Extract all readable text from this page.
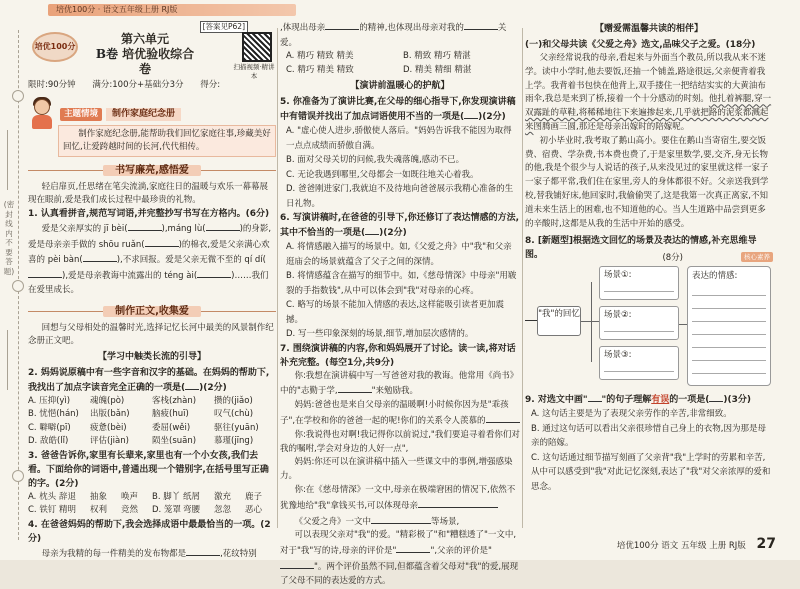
培优100分 · 语文五年级上册 RJ版
(密封线内不要答题)
[答案见P62]
培优100分
第六单元
B卷 培优验收综合卷	扫描视频·精讲本
限时:90分钟 满分:100分+基础分3分 得分:
主题情境	制作家庭纪念册
制作家庭纪念册,能帮助我们回忆家庭往事,珍藏美好回忆,让爱跨越时间的长河,代代相传。
书写廉亮,感悟爱
轻启扉页,任思绪在笔尖流淌,家庭往日的温暖与欢乐一幕幕展现在眼前,爱是我们成长过程中最珍贵的礼物。
1. 认真看拼音,规范写词语,并完整抄写书写在方格内。(6分)
爱是父亲厚实的 jī bèi(	),máng lù(	)的身影,爱是母亲亲手做的 shōu ruǎn(	)的棉衣,爱是父亲满心欢喜的 pèi bàn(	),不求回报。爱是父亲无微不至的 qí dí(),爱是母亲教诲中流露出的 téng ài(	)……我们在爱里成长。
制作正文,收集爱
回想与父母相处的温馨时光,选择记忆长河中最美的风景制作纪念册正文吧。
【学习中触类长流的引导】
2. 妈妈说原稿中有一些字音和汉字的基础。在妈妈的帮助下,我找出了加点字读音完全正确的一项是( )(2分)
A. 压抑(yì)	魂魄(pò)	客栈(zhàn)	攒的(jiǎo)
B. 忧悒(hán)	出版(bǎn)	脑疲(huī)	叹气(chù)
C. 噼噼(pī)	疲惫(bèi)	委屈(wěi)	驱往(yuān)
D. 敌皓(lǐ)	评估(jiàn)	陨坐(suān)	慕瑾(jīnɡ)
3. 爸爸告诉你,家里有长辈来,家里也有一个小女孩,我们去看。下面给你的词语中,普通出现一个错别字,在括号里写正确的字。(2分)
A. 枕头 辞退	抽象	唤声	B. 脚丫 纸屑	激充	鹿子
C. 铁钉 精明	权利	竞然	D. 笼罩 弯腰	忽忽	恶心
4. 在爸爸妈妈的帮助下,我会选择成语中最最恰当的一项。(2分)
母亲为我精的每一件精美的发布物都是	,花纹特别
,体现出母亲	的精神,也体现出母亲对我的	关爱。
A. 精巧 精致 精美	B. 精致 精巧 精湛
C. 精巧 精美 精致	D. 精美 精细 精湛
【演讲前温暖心的护航】
5. 你准备为了演讲比赛,在父母的细心指导下,你发现演讲稿中有错误并找出了加点词语使用不当的一项是( )(2分)
A. "虚心使人进步,骄傲使人落后。"妈妈告诉我不能因为取得一点点成绩而骄傲自满。
B. 面对父母关切的问候,我失魂落魄,感动不已。
C. 无论我遇到哪里,父母都会一如既往地关心着我。
D. 爸爸刚进家门,我就迫不及待地向爸爸展示我精心准备的生日礼物。
6. 写演讲稿时,在爸爸的引导下,你还修订了表达情感的方法,其中不恰当的一项是( )(2分)
A. 将情感融入描写的场景中。如,《父爱之舟》中"我"和父亲逛庙会的场景就蕴含了父子之间的深情。
B. 将情感蕴含在描写的细节中。如,《慈母情深》中母亲"用皲裂的手指数钱",从中可以体会到"我"对母亲的心疼。
C. 略写的场景不能加入情感的表达,这样能吸引读者更加震撼。
D. 写一些印象深刻的场景,细节,增加层次感情的。
7. 围绕演讲稿的内容,你和妈妈展开了讨论。读一读,将对话补充完整。(每空1分,共9分)
你:我想在演讲稿中写一写爸爸对我的教诲。他常用《尚书》中的"志勤于学,	"来勉励我。
妈妈:爸爸也是来自父母亲的温暖啊!小时候你因为是"乖孩子",在学校和你的爸爸一起的呢!你们的关系令人羡慕的
你:我说得也对啊!我记得你以前说过,"我们要追寻着看你们对我的嘱咐,学会对身边的人好一点",
妈妈:你还可以在演讲稿中插入一些课文中的事例,增强感染力。
你:在《慈母情深》一文中,母亲在极端窘困的情况下,依然不犹豫地给"我"拿钱买书,可以体现母亲
《父爱之舟》一文中	等场景,
可以表现父亲对"我"的爱。"精彩极了"和"糟糕透了"一文中,对于"我"写的诗,母亲的评价是"	",父亲的评价是""。两个评价虽然不同,但都蕴含着父母对"我"的爱,展现了父母不同的表达爱的方式。
【赠爱需温馨共读的相伴】
(一)和父母共读《父爱之舟》选文,品味父子之爱。(18分)
父亲经常说我的母亲,看起来与外面当个教员,所以我从来不迷学。读中小学时,他去要饭,还抽一个铺盖,路途很远,父亲便背着我上学。我背着书包快在他背上,双手搂住一把结结实实的大黄油布雨伞,我总是来到了桥,接着一个十分感动的时刻。他扎着裤腿,穿一双露趾的草鞋,将稀稀地往下来遍掺起来,几乎就把路的泥浆都溅起来图腾画三圆,那还是母亲出嫁时的陪嫁呢。
初小毕业时,我考取了鹅山高小。要住在鹅山当寄宿生,要交饭费、宿费、学杂费,书本费也费了,于是家里数学,要,交齐,身无长物的他,我是个很少与人说话的孩子,从来没见过的家里就这样一家子一家子都平常,我们住在家里,旁人的身体都很不好。父亲送我到学校,替我铺好床,他回家时,我偷偷哭了,这是我第一次真正离家,不知道未来生活上的困难,也不知道他的心。当人生道路中品尝到更多的辛酸时,这都是从我的生活中开始的感受。
8. [新题型]根据选文回忆的场景及表达的情感,补充思维导图。	(8分)	核心素养
"我"的回忆
场景①:
场景②:
场景③:
表达的情感:
9. 对选文中画" "的句子理解有误的一项是( )(3分)
A. 这句话主要是为了表现父亲劳作的辛苦,非常细致。
B. 通过这句话可以看出父亲很珍惜自己身上的衣物,因为那是母亲的陪嫁。
C. 这句话通过细节描写刻画了父亲背"我"上学时的劳累和辛苦,从中可以感受到"我"对此记忆深刻,表达了"我"对父亲浓厚的爱和思念。
培优100分 语文 五年级 上册 RJ版 27
